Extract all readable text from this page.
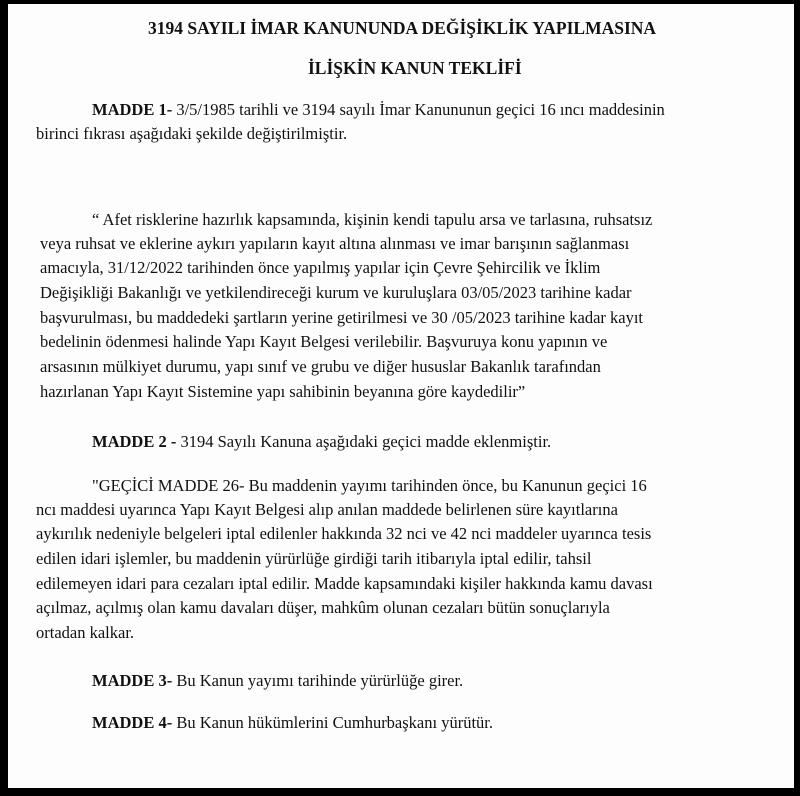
3194 SAYILI İMAR KANUNUNDA DEĞİŞİKLİK YAPILMASINA
İLİŞKİN KANUN TEKLİFİ
MADDE 1- 3/5/1985 tarihli ve 3194 sayılı İmar Kanununun geçici 16 ıncı maddesinin
birinci fıkrası aşağıdaki şekilde değiştirilmiştir.
“ Afet risklerine hazırlık kapsamında, kişinin kendi tapulu arsa ve tarlasına, ruhsatsız
veya ruhsat ve eklerine aykırı yapıların kayıt altına alınması ve imar barışının sağlanması
amacıyla, 31/12/2022 tarihinden önce yapılmış yapılar için Çevre Şehircilik ve İklim
Değişikliği Bakanlığı ve yetkilendireceği kurum ve kuruluşlara 03/05/2023 tarihine kadar
başvurulması, bu maddedeki şartların yerine getirilmesi ve 30 /05/2023 tarihine kadar kayıt
bedelinin ödenmesi halinde Yapı Kayıt Belgesi verilebilir. Başvuruya konu yapının ve
arsasının mülkiyet durumu, yapı sınıf ve grubu ve diğer hususlar Bakanlık tarafından
hazırlanan Yapı Kayıt Sistemine yapı sahibinin beyanına göre kaydedilir”
MADDE 2 - 3194 Sayılı Kanuna aşağıdaki geçici madde eklenmiştir.
"GEÇİCİ MADDE 26- Bu maddenin yayımı tarihinden önce, bu Kanunun geçici 16
ncı maddesi uyarınca Yapı Kayıt Belgesi alıp anılan maddede belirlenen süre kayıtlarına
aykırılık nedeniyle belgeleri iptal edilenler hakkında 32 nci ve 42 nci maddeler uyarınca tesis
edilen idari işlemler, bu maddenin yürürlüğe girdiği tarih itibarıyla iptal edilir, tahsil
edilemeyen idari para cezaları iptal edilir. Madde kapsamındaki kişiler hakkında kamu davası
açılmaz, açılmış olan kamu davaları düşer, mahkûm olunan cezaları bütün sonuçlarıyla
ortadan kalkar.
MADDE 3- Bu Kanun yayımı tarihinde yürürlüğe girer.
MADDE 4- Bu Kanun hükümlerini Cumhurbaşkanı yürütür.
